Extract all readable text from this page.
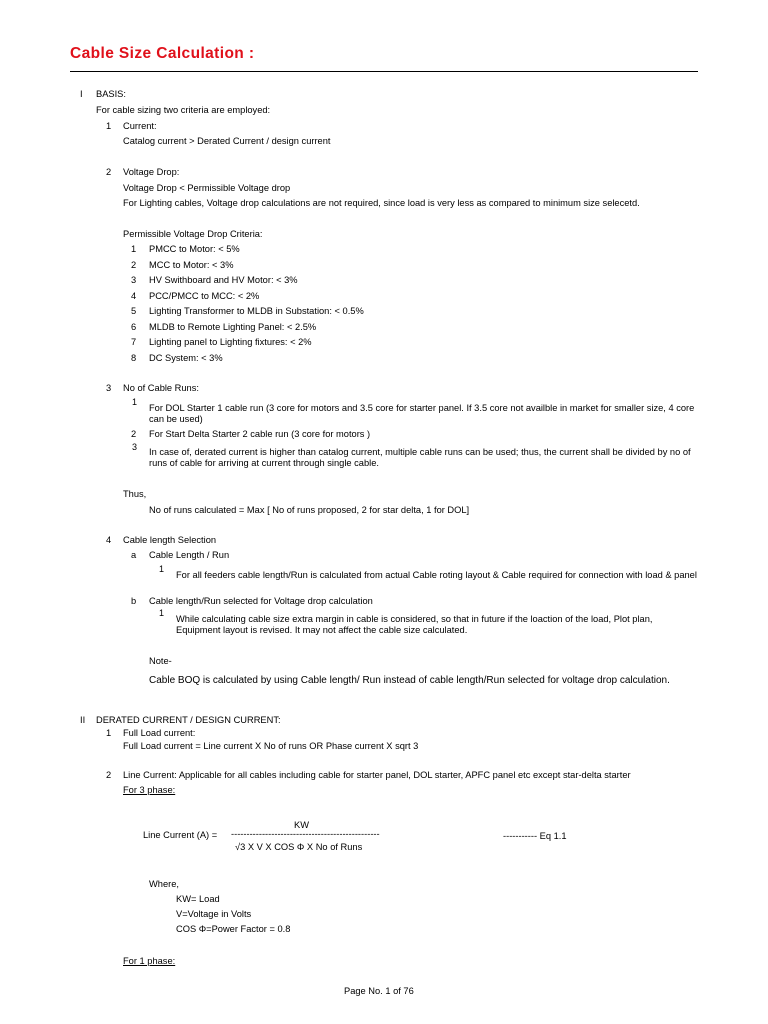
Cable Size Calculation :
I BASIS:
For cable sizing two criteria are employed:
1 Current:
Catalog current > Derated Current / design current
2 Voltage Drop:
Voltage Drop < Permissible Voltage drop
For Lighting cables, Voltage drop calculations are not required, since load is very less as compared to minimum size selecetd.
Permissible Voltage Drop Criteria:
1 PMCC to Motor: < 5%
2 MCC to Motor: < 3%
3 HV Swithboard and HV Motor: < 3%
4 PCC/PMCC to MCC: < 2%
5 Lighting Transformer to MLDB in Substation: < 0.5%
6 MLDB to Remote Lighting Panel: < 2.5%
7 Lighting panel to Lighting fixtures: < 2%
8 DC System: < 3%
3 No of Cable Runs:
1
For DOL Starter 1 cable run (3 core for motors and 3.5 core for starter panel. If 3.5 core not availble in market for smaller size, 4 core can be used)
2 For Start Delta Starter 2 cable run (3 core for motors )
3 In case of, derated current is higher than catalog current, multiple cable runs can be used; thus, the current shall be divided by no of runs of cable for arriving at current through single cable.
Thus,
No of runs calculated = Max [ No of runs proposed, 2 for star delta, 1 for DOL]
4 Cable length Selection
a Cable Length / Run
1
For all feeders cable length/Run is calculated from actual Cable roting layout & Cable required for connection with load & panel
b Cable length/Run selected for Voltage drop calculation
1
While calculating cable size extra margin in cable is considered, so that in future if the loaction of the load, Plot plan, Equipment layout is revised. It may not affect the cable size calculated.
Note-
Cable BOQ is calculated by using Cable length/ Run instead of cable length/Run selected for voltage drop calculation.
II DERATED CURRENT / DESIGN CURRENT:
1 Full Load current:
Full Load current = Line current X No of runs OR Phase current X sqrt 3
2 Line Current: Applicable for all cables including cable for starter panel, DOL starter, APFC panel etc except star-delta starter
For 3 phase:
KW
Line Current (A) = ------------------------------------------------
√3 X V X COS Φ X No of Runs
----------- Eq 1.1
Where,
KW= Load
V=Voltage in Volts
COS Φ=Power Factor = 0.8
For 1 phase:
Page No. 1 of 76
